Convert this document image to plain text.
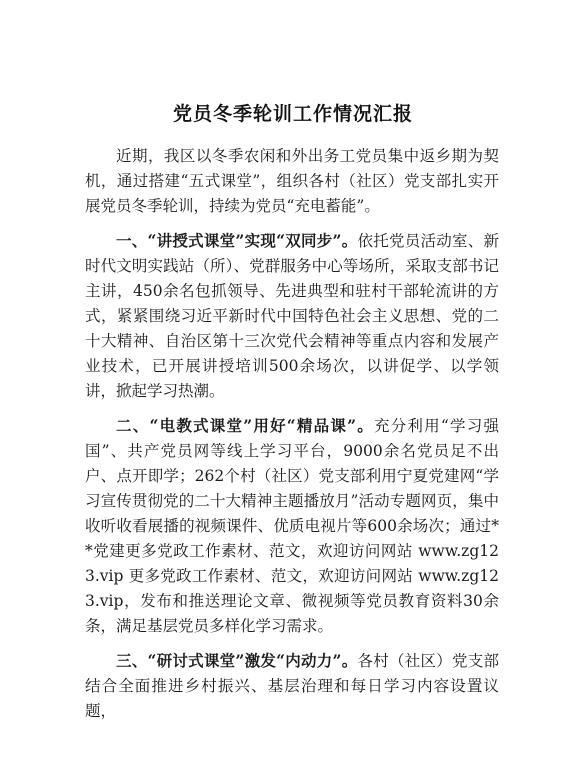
党员冬季轮训工作情况汇报

近期，我区以冬季农闲和外出务工党员集中返乡期为契机，通过搭建“五式课堂”，组织各村（社区）党支部扎实开展党员冬季轮训，持续为党员“充电蓄能”。

一、“讲授式课堂”实现“双同步”。依托党员活动室、新时代文明实践站（所）、党群服务中心等场所，采取支部书记主讲，450余名包抓领导、先进典型和驻村干部轮流讲的方式，紧紧围绕习近平新时代中国特色社会主义思想、党的二十大精神、自治区第十三次党代会精神等重点内容和发展产业技术，已开展讲授培训500余场次，以讲促学、以学领讲，掀起学习热潮。

二、“电教式课堂”用好“精品课”。充分利用“学习强国”、共产党员网等线上学习平台，9000余名党员足不出户、点开即学；262个村（社区）党支部利用宁夏党建网“学习宣传贯彻党的二十大精神主题播放月”活动专题网页，集中收听收看展播的视频课件、优质电视片等600余场次；通过**党建更多党政工作素材、范文，欢迎访问网站 www.zg123.vip 更多党政工作素材、范文，欢迎访问网站 www.zg123.vip，发布和推送理论文章、微视频等党员教育资料30余条，满足基层党员多样化学习需求。

三、“研讨式课堂”激发“内动力”。各村（社区）党支部结合全面推进乡村振兴、基层治理和每日学习内容设置议题，
